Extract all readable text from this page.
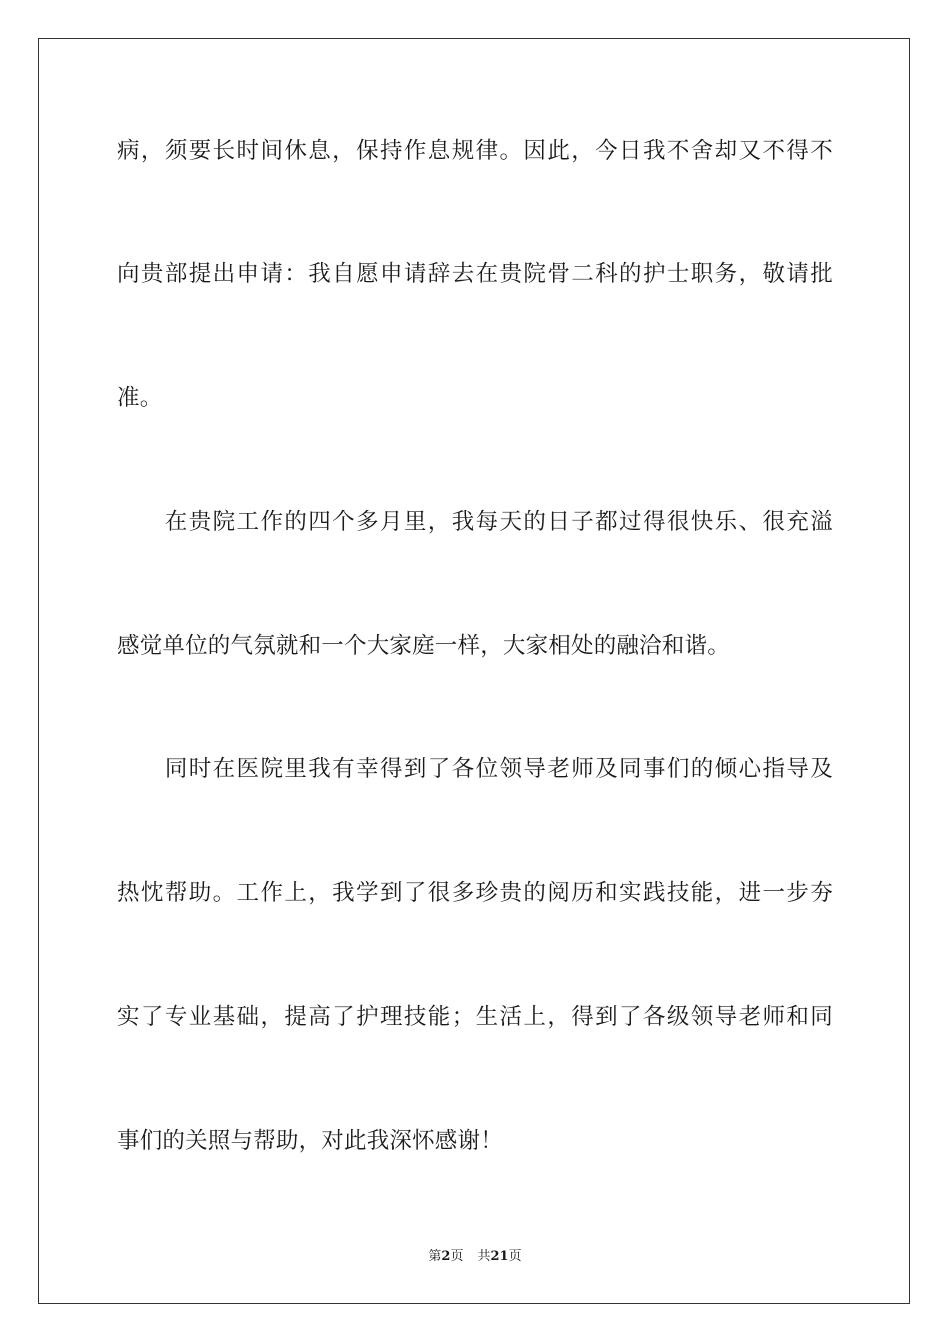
病，须要长时间休息，保持作息规律。因此，今日我不舍却又不得不
向贵部提出申请：我自愿申请辞去在贵院骨二科的护士职务，敬请批
准。
　　在贵院工作的四个多月里，我每天的日子都过得很快乐、很充溢
感觉单位的气氛就和一个大家庭一样，大家相处的融洽和谐。
　　同时在医院里我有幸得到了各位领导老师及同事们的倾心指导及
热忱帮助。工作上，我学到了很多珍贵的阅历和实践技能，进一步夯
实了专业基础，提高了护理技能；生活上，得到了各级领导老师和同
事们的关照与帮助，对此我深怀感谢！
第2页 共21页
